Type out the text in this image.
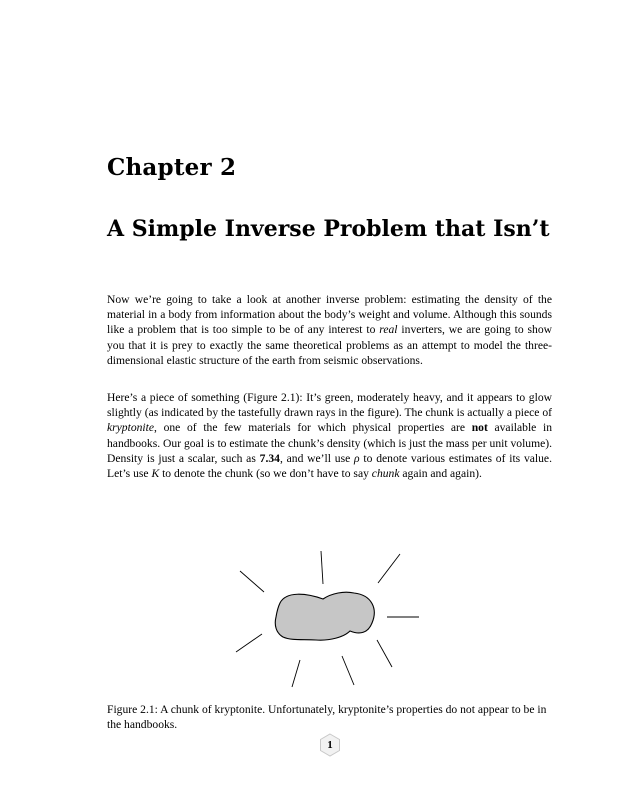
Chapter 2
A Simple Inverse Problem that Isn’t

Now we’re going to take a look at another inverse problem: estimating the density of the material in a body from information about the body’s weight and volume. Although this sounds like a problem that is too simple to be of any interest to real inverters, we are going to show you that it is prey to exactly the same theoretical problems as an attempt to model the three-dimensional elastic structure of the earth from seismic observations.

Here’s a piece of something (Figure 2.1): It’s green, moderately heavy, and it appears to glow slightly (as indicated by the tastefully drawn rays in the figure). The chunk is actually a piece of kryptonite, one of the few materials for which physical properties are not available in handbooks. Our goal is to estimate the chunk’s density (which is just the mass per unit volume). Density is just a scalar, such as 7.34, and we’ll use ρ to denote various estimates of its value. Let’s use K to denote the chunk (so we don’t have to say chunk again and again).

Figure 2.1: A chunk of kryptonite. Unfortunately, kryptonite’s properties do not appear to be in the handbooks.
1
